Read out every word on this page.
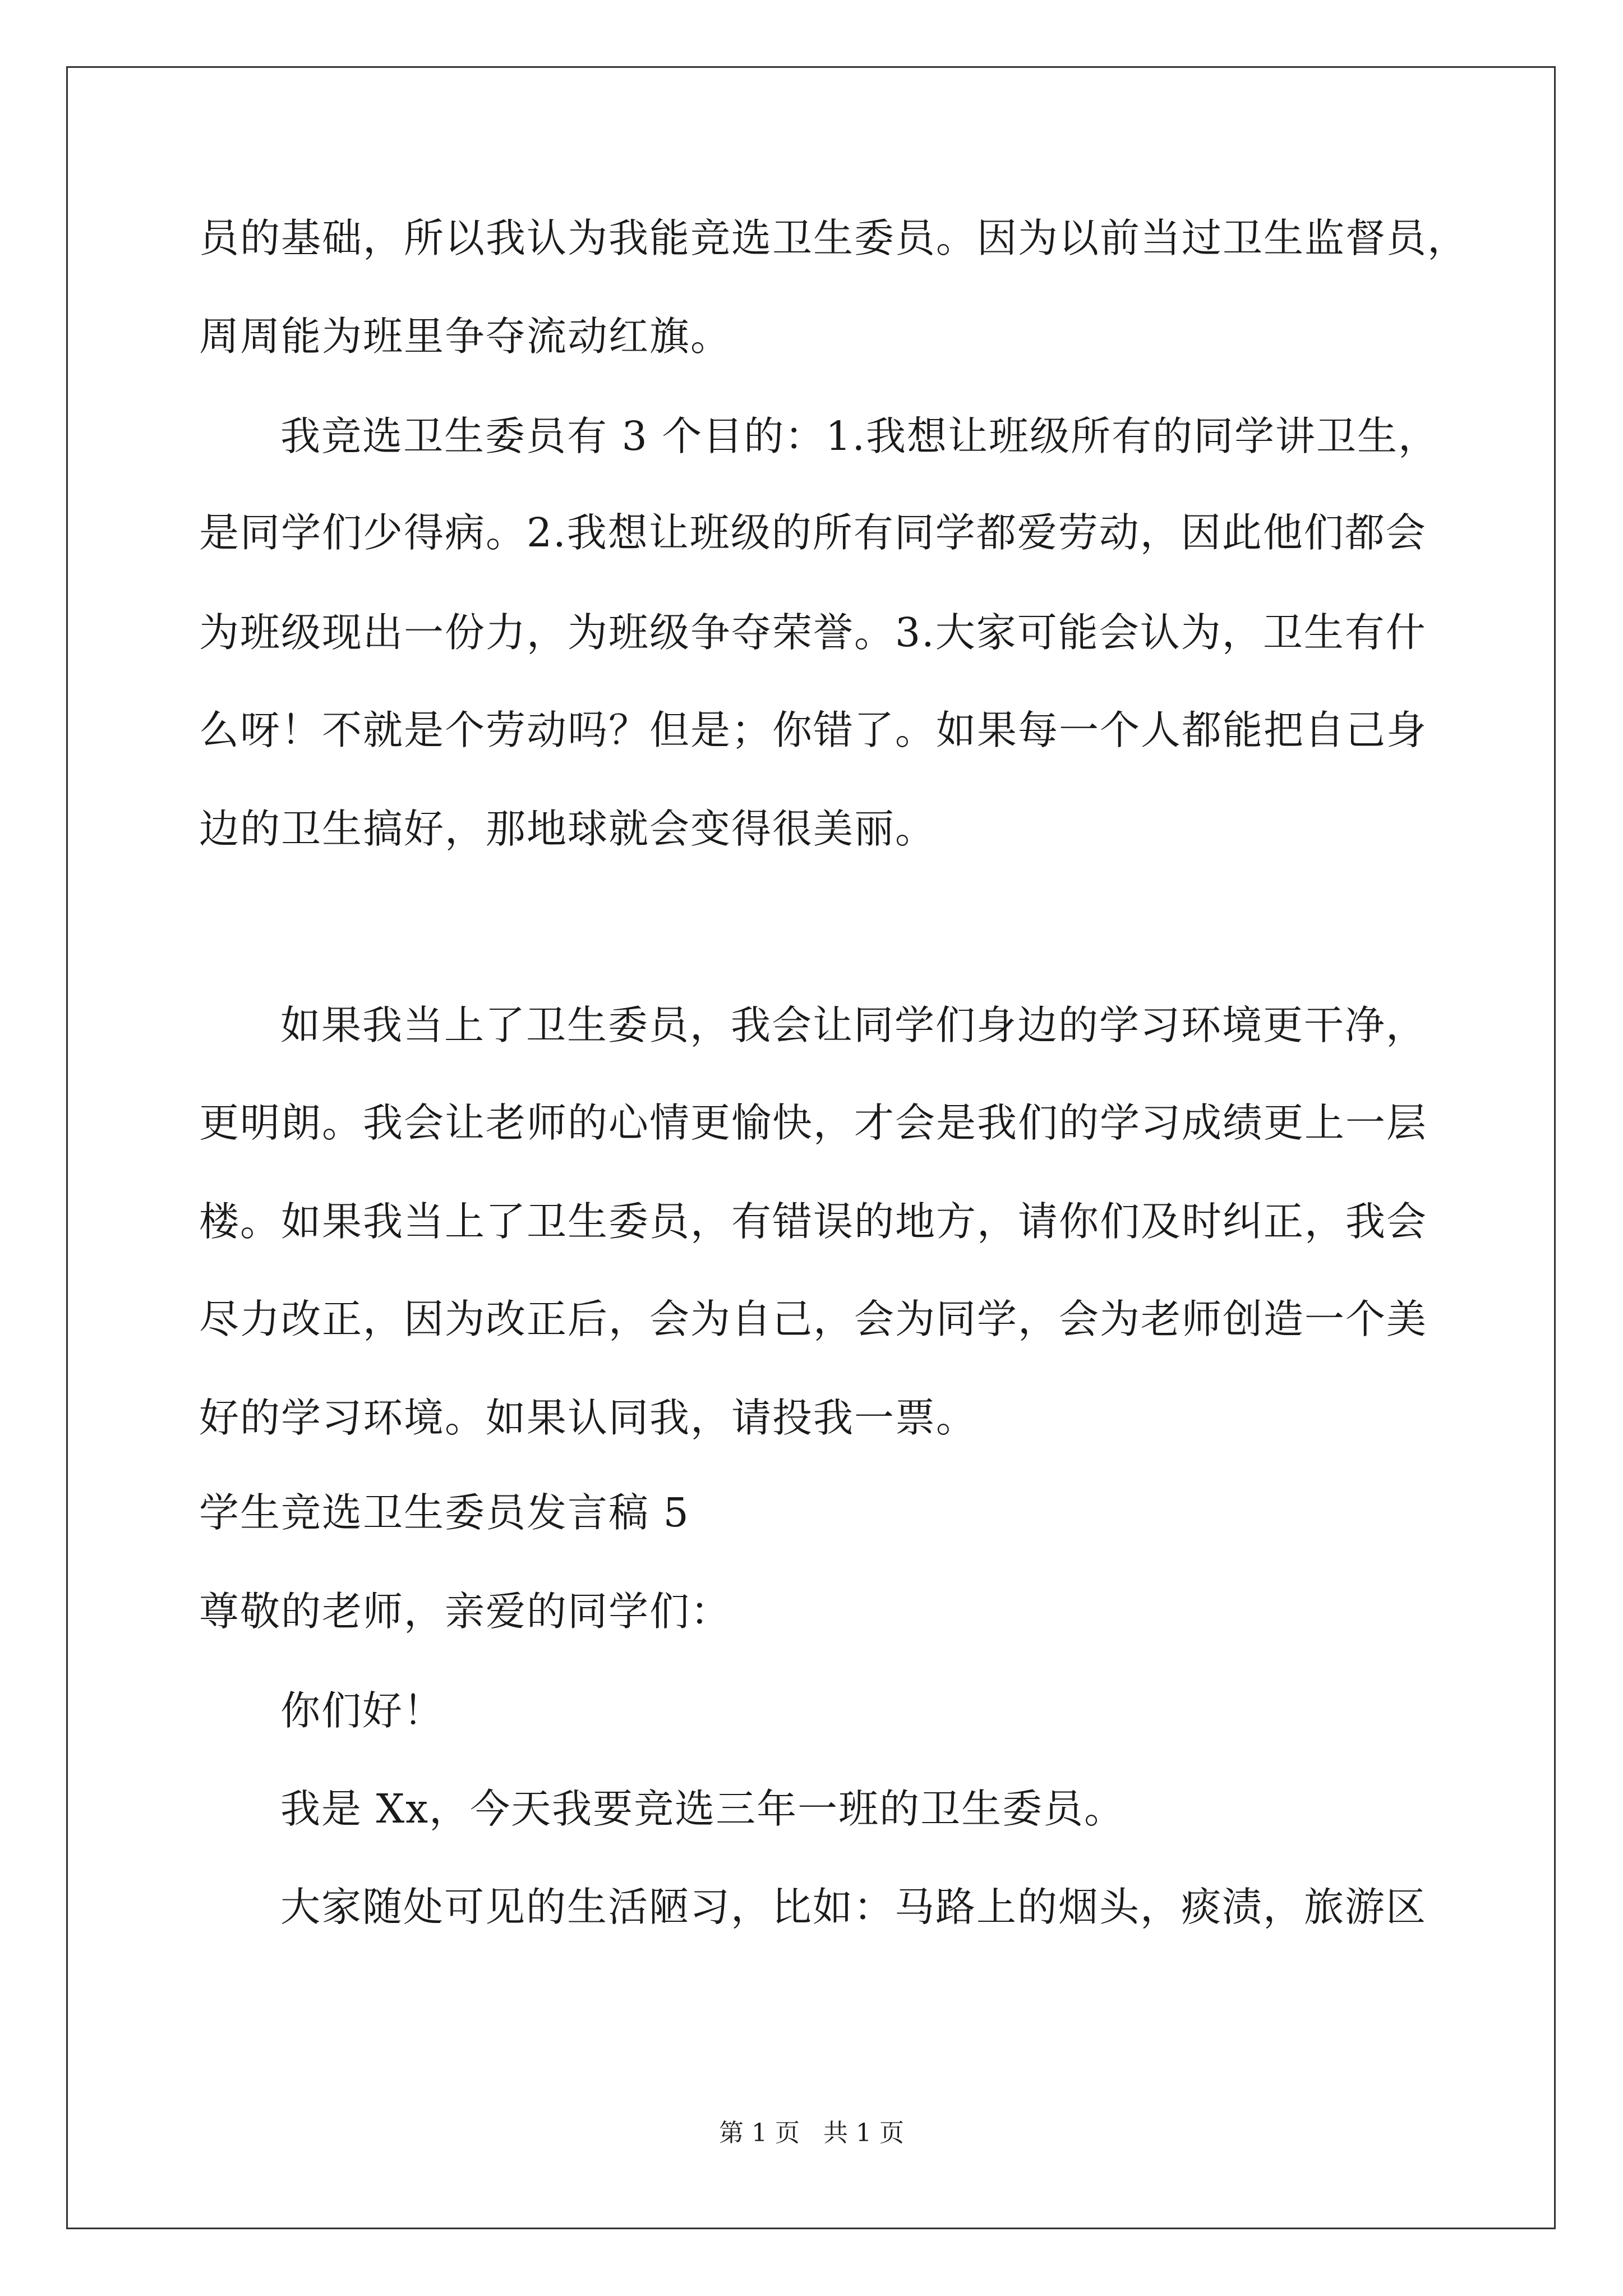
员的基础，所以我认为我能竞选卫生委员。因为以前当过卫生监督员，
周周能为班里争夺流动红旗。
我竞选卫生委员有 3 个目的：1.我想让班级所有的同学讲卫生，
是同学们少得病。2.我想让班级的所有同学都爱劳动，因此他们都会
为班级现出一份力，为班级争夺荣誉。3.大家可能会认为，卫生有什
么呀！不就是个劳动吗？但是；你错了。如果每一个人都能把自己身
边的卫生搞好，那地球就会变得很美丽。
如果我当上了卫生委员，我会让同学们身边的学习环境更干净，
更明朗。我会让老师的心情更愉快，才会是我们的学习成绩更上一层
楼。如果我当上了卫生委员，有错误的地方，请你们及时纠正，我会
尽力改正，因为改正后，会为自己，会为同学，会为老师创造一个美
好的学习环境。如果认同我，请投我一票。
学生竞选卫生委员发言稿 5
尊敬的老师，亲爱的同学们：
你们好！
我是 Xx，今天我要竞选三年一班的卫生委员。
大家随处可见的生活陋习，比如：马路上的烟头，痰渍，旅游区
第 1 页   共 1 页
